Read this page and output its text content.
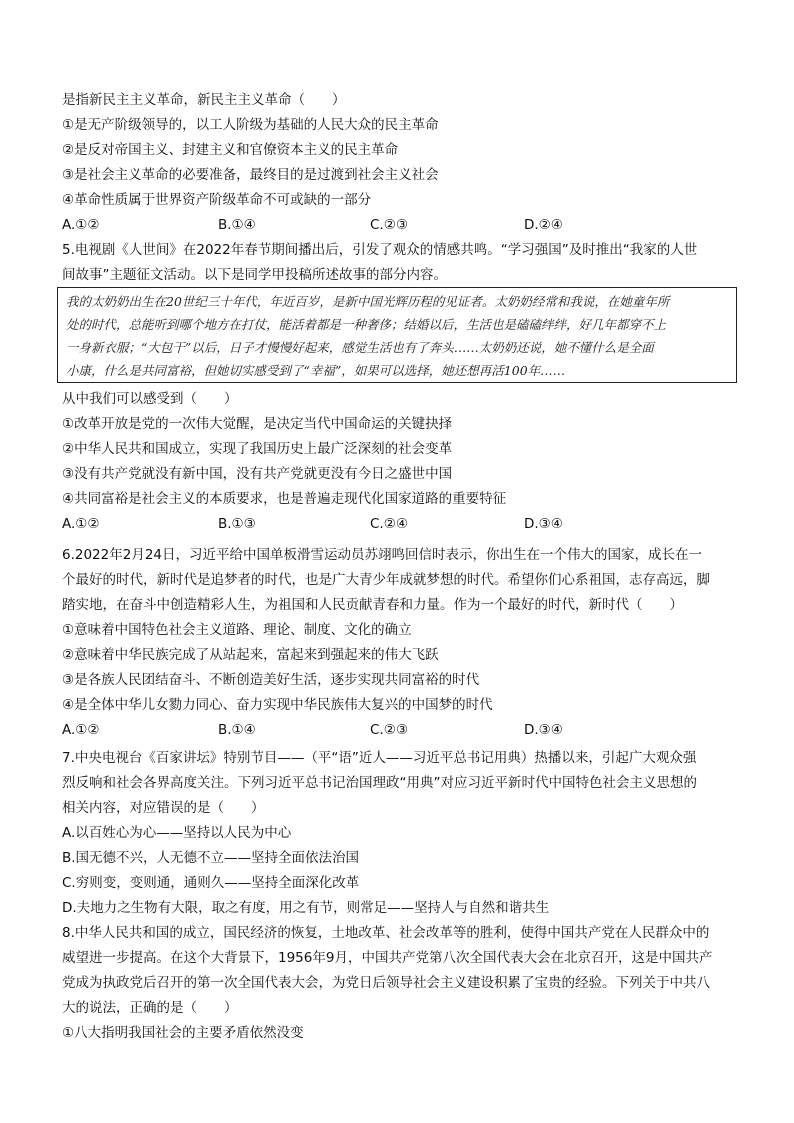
是指新民主主义革命，新民主主义革命（　　）
①是无产阶级领导的，以工人阶级为基础的人民大众的民主革命
②是反对帝国主义、封建主义和官僚资本主义的民主革命
③是社会主义革命的必要准备，最终目的是过渡到社会主义社会
④革命性质属于世界资产阶级革命不可或缺的一部分
A.①②	B.①④	C.②③	D.②④
5.电视剧《人世间》在2022年春节期间播出后，引发了观众的情感共鸣。“学习强国”及时推出“我家的人世
间故事”主题征文活动。以下是同学甲投稿所述故事的部分内容。
我的太奶奶出生在20世纪三十年代，年近百岁，是新中国光辉历程的见证者。太奶奶经常和我说，在她童年所
处的时代，总能听到哪个地方在打仗，能活着都是一种奢侈；结婚以后，生活也是磕磕绊绊，好几年都穿不上
一身新衣服；“大包干”以后，日子才慢慢好起来，感觉生活也有了奔头……太奶奶还说，她不懂什么是全面
小康，什么是共同富裕，但她切实感受到了“幸福”，如果可以选择，她还想再活100年……
从中我们可以感受到（　　）
①改革开放是党的一次伟大觉醒，是决定当代中国命运的关键抉择
②中华人民共和国成立，实现了我国历史上最广泛深刻的社会变革
③没有共产党就没有新中国，没有共产党就更没有今日之盛世中国
④共同富裕是社会主义的本质要求，也是普遍走现代化国家道路的重要特征
A.①②	B.①③	C.②④	D.③④
6.2022年2月24日，习近平给中国单板滑雪运动员苏翊鸣回信时表示，你出生在一个伟大的国家，成长在一
个最好的时代，新时代是追梦者的时代，也是广大青少年成就梦想的时代。希望你们心系祖国，志存高远，脚
踏实地，在奋斗中创造精彩人生，为祖国和人民贡献青春和力量。作为一个最好的时代，新时代（　　）
①意味着中国特色社会主义道路、理论、制度、文化的确立
②意味着中华民族完成了从站起来，富起来到强起来的伟大飞跃
③是各族人民团结奋斗、不断创造美好生活，逐步实现共同富裕的时代
④是全体中华儿女勠力同心、奋力实现中华民族伟大复兴的中国梦的时代
A.①②	B.①④	C.②③	D.③④
7.中央电视台《百家讲坛》特别节目——（平“语”近人——习近平总书记用典）热播以来，引起广大观众强
烈反响和社会各界高度关注。下列习近平总书记治国理政“用典”对应习近平新时代中国特色社会主义思想的
相关内容，对应错误的是（　　）
A.以百姓心为心——坚持以人民为中心
B.国无德不兴，人无德不立——坚持全面依法治国
C.穷则变，变则通，通则久——坚持全面深化改革
D.夫地力之生物有大限，取之有度，用之有节，则常足——坚持人与自然和谐共生
8.中华人民共和国的成立，国民经济的恢复，土地改革、社会改革等的胜利，使得中国共产党在人民群众中的
威望进一步提高。在这个大背景下，1956年9月，中国共产党第八次全国代表大会在北京召开，这是中国共产
党成为执政党后召开的第一次全国代表大会，为党日后领导社会主义建设积累了宝贵的经验。下列关于中共八
大的说法，正确的是（　　）
①八大指明我国社会的主要矛盾依然没变
